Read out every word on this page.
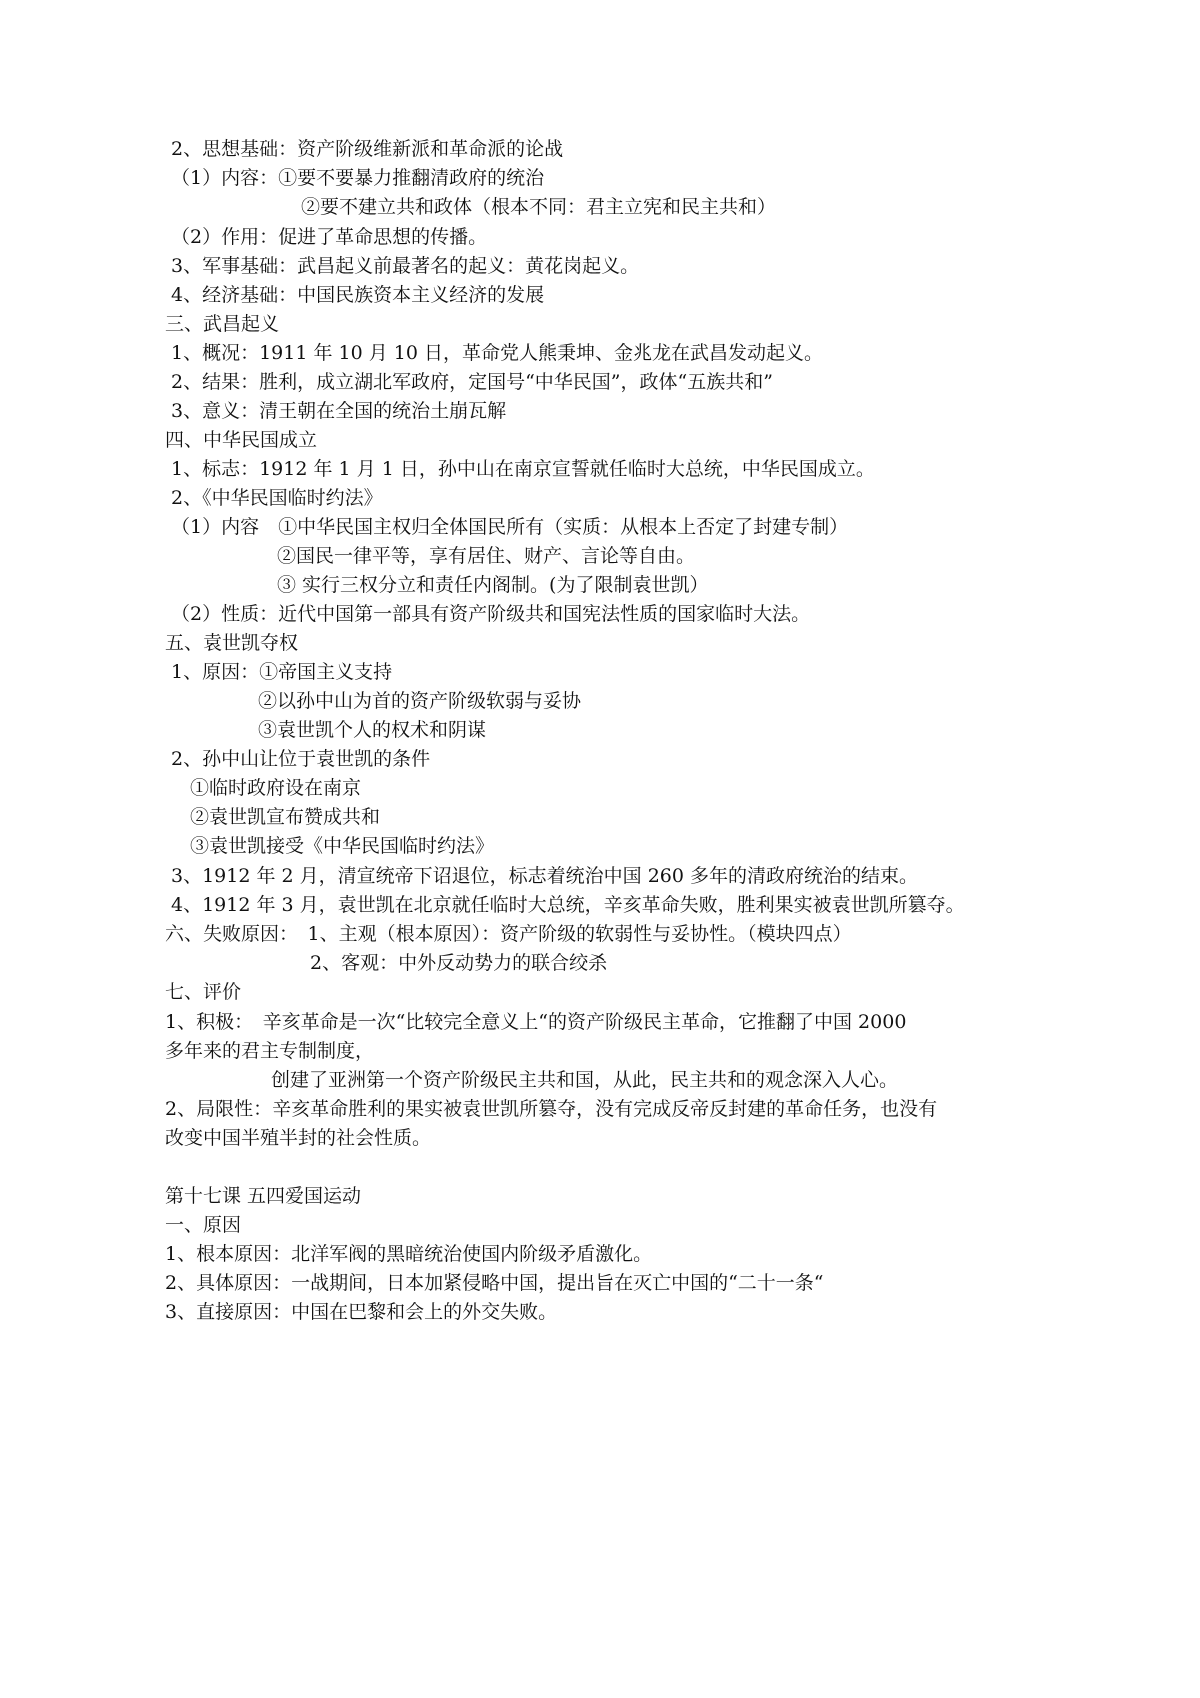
2、思想基础：资产阶级维新派和革命派的论战
（1）内容：①要不要暴力推翻清政府的统治
②要不建立共和政体（根本不同：君主立宪和民主共和）
（2）作用：促进了革命思想的传播。
3、军事基础：武昌起义前最著名的起义：黄花岗起义。
4、经济基础：中国民族资本主义经济的发展
三、武昌起义
1、概况：1911 年 10 月 10 日，革命党人熊秉坤、金兆龙在武昌发动起义。
2、结果：胜利，成立湖北军政府，定国号“中华民国”，政体“五族共和”
3、意义：清王朝在全国的统治土崩瓦解
四、中华民国成立
1、标志：1912 年 1 月 1 日，孙中山在南京宣誓就任临时大总统，中华民国成立。
2、《中华民国临时约法》
（1）内容　①中华民国主权归全体国民所有（实质：从根本上否定了封建专制）
②国民一律平等，享有居住、财产、言论等自由。
③ 实行三权分立和责任内阁制。(为了限制袁世凯）
（2）性质：近代中国第一部具有资产阶级共和国宪法性质的国家临时大法。
五、袁世凯夺权
1、原因：①帝国主义支持
②以孙中山为首的资产阶级软弱与妥协
③袁世凯个人的权术和阴谋
2、孙中山让位于袁世凯的条件
①临时政府设在南京
②袁世凯宣布赞成共和
③袁世凯接受《中华民国临时约法》
3、1912 年 2 月，清宣统帝下诏退位，标志着统治中国 260 多年的清政府统治的结束。
4、1912 年 3 月，袁世凯在北京就任临时大总统，辛亥革命失败，胜利果实被袁世凯所篡夺。
六、失败原因：　1、主观（根本原因）：资产阶级的软弱性与妥协性。（模块四点）
2、客观：中外反动势力的联合绞杀
七、评价
1、积极：　辛亥革命是一次“比较完全意义上“的资产阶级民主革命，它推翻了中国 2000
多年来的君主专制制度，
创建了亚洲第一个资产阶级民主共和国，从此，民主共和的观念深入人心。
2、局限性：辛亥革命胜利的果实被袁世凯所篡夺，没有完成反帝反封建的革命任务，也没有
改变中国半殖半封的社会性质。
第十七课 五四爱国运动
一、原因
1、根本原因：北洋军阀的黑暗统治使国内阶级矛盾激化。
2、具体原因：一战期间，日本加紧侵略中国，提出旨在灭亡中国的“二十一条“
3、直接原因：中国在巴黎和会上的外交失败。
